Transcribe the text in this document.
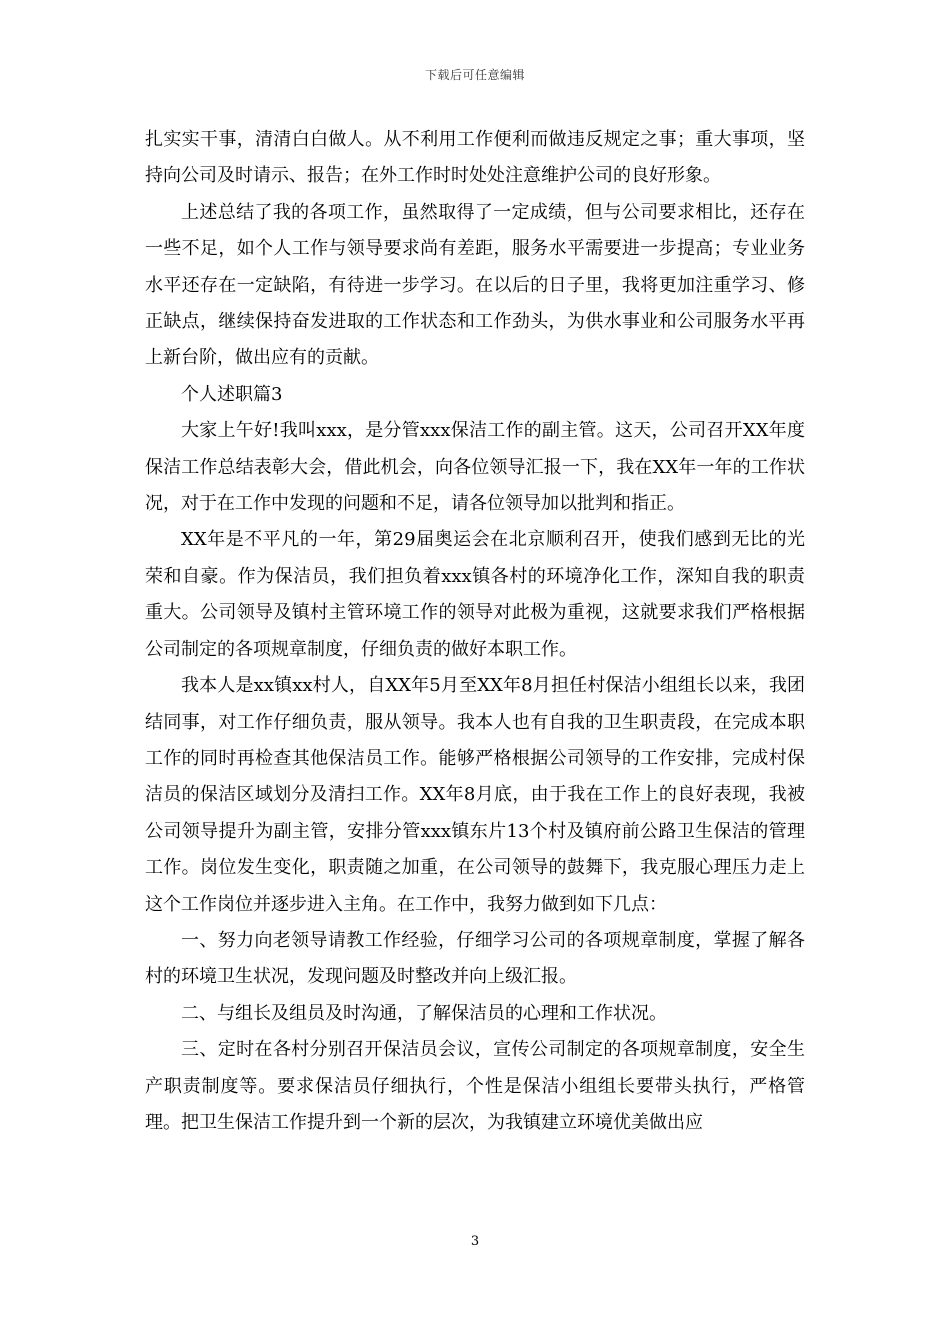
下载后可任意编辑

扎实实干事，清清白白做人。从不利用工作便利而做违反规定之事；重大事项，坚持向公司及时请示、报告；在外工作时时处处注意维护公司的良好形象。

上述总结了我的各项工作，虽然取得了一定成绩，但与公司要求相比，还存在一些不足，如个人工作与领导要求尚有差距，服务水平需要进一步提高；专业业务水平还存在一定缺陷，有待进一步学习。在以后的日子里，我将更加注重学习、修正缺点，继续保持奋发进取的工作状态和工作劲头，为供水事业和公司服务水平再上新台阶，做出应有的贡献。

个人述职篇3

大家上午好!我叫xxx，是分管xxx保洁工作的副主管。这天，公司召开XX年度保洁工作总结表彰大会，借此机会，向各位领导汇报一下，我在XX年一年的工作状况，对于在工作中发现的问题和不足，请各位领导加以批判和指正。

XX年是不平凡的一年，第29届奥运会在北京顺利召开，使我们感到无比的光荣和自豪。作为保洁员，我们担负着xxx镇各村的环境净化工作，深知自我的职责重大。公司领导及镇村主管环境工作的领导对此极为重视，这就要求我们严格根据公司制定的各项规章制度，仔细负责的做好本职工作。

我本人是xx镇xx村人，自XX年5月至XX年8月担任村保洁小组组长以来，我团结同事，对工作仔细负责，服从领导。我本人也有自我的卫生职责段，在完成本职工作的同时再检查其他保洁员工作。能够严格根据公司领导的工作安排，完成村保洁员的保洁区域划分及清扫工作。XX年8月底，由于我在工作上的良好表现，我被公司领导提升为副主管，安排分管xxx镇东片13个村及镇府前公路卫生保洁的管理工作。岗位发生变化，职责随之加重，在公司领导的鼓舞下，我克服心理压力走上这个工作岗位并逐步进入主角。在工作中，我努力做到如下几点：

一、努力向老领导请教工作经验，仔细学习公司的各项规章制度，掌握了解各村的环境卫生状况，发现问题及时整改并向上级汇报。

二、与组长及组员及时沟通，了解保洁员的心理和工作状况。

三、定时在各村分别召开保洁员会议，宣传公司制定的各项规章制度，安全生产职责制度等。要求保洁员仔细执行，个性是保洁小组组长要带头执行，严格管理。把卫生保洁工作提升到一个新的层次，为我镇建立环境优美做出应

3
